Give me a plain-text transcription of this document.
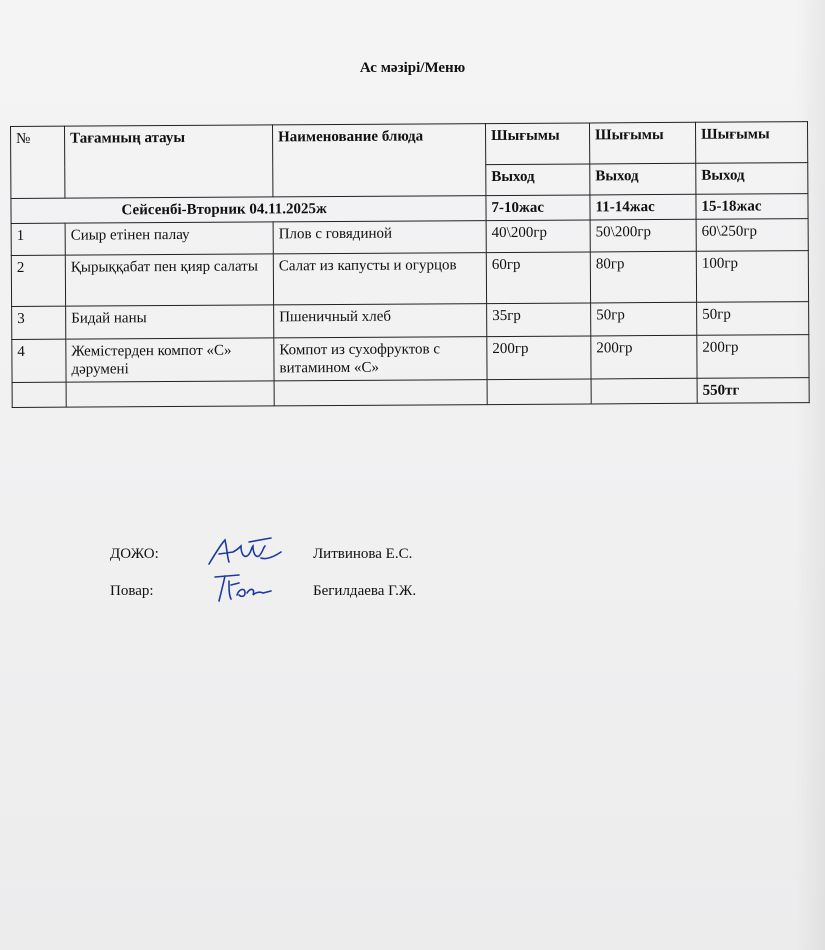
Ас мәзірі/Меню
№	Тағамның атауы	Наименование блюда	Шығымы	Шығымы	Шығымы
			Выход	Выход	Выход
Сейсенбі-Вторник 04.11.2025ж			7-10жас	11-14жас	15-18жас
1	Сиыр етінен палау	Плов с говядиной	40\200гр	50\200гр	60\250гр
2	Қырыққабат пен қияр салаты	Салат из капусты и огурцов	60гр	80гр	100гр
3	Бидай наны	Пшеничный хлеб	35гр	50гр	50гр
4	Жемістерден компот «С» дәрумені	Компот из сухофруктов с витамином «С»	200гр	200гр	200гр
					550тг
ДОЖО:	Литвинова Е.С.
Повар:	Бегилдаева Г.Ж.
